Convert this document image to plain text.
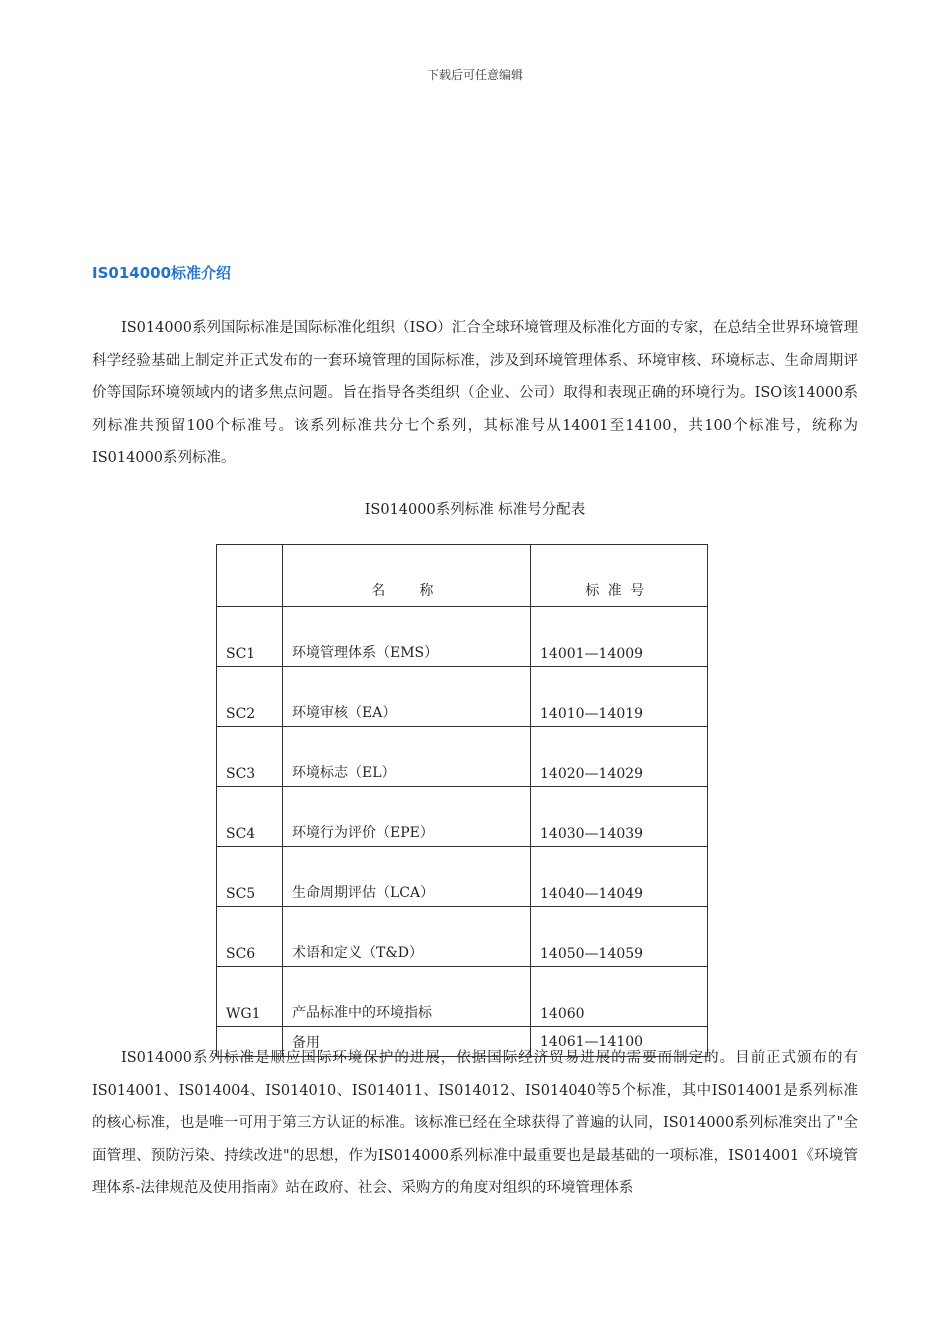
下载后可任意编辑
IS014000标准介绍

IS014000系列国际标准是国际标准化组织（ISO）汇合全球环境管理及标准化方面的专家，在总结全世界环境管理科学经验基础上制定并正式发布的一套环境管理的国际标准，涉及到环境管理体系、环境审核、环境标志、生命周期评价等国际环境领域内的诸多焦点问题。旨在指导各类组织（企业、公司）取得和表现正确的环境行为。ISO该14000系列标准共预留100个标准号。该系列标准共分七个系列，其标准号从14001至14100，共100个标准号，统称为IS014000系列标准。

IS014000系列标准 标准号分配表
	名  称	标准号
SC1	环境管理体系（EMS）	14001—14009
SC2	环境审核（EA）	14010—14019
SC3	环境标志（EL）	14020—14029
SC4	环境行为评价（EPE）	14030—14039
SC5	生命周期评估（LCA）	14040—14049
SC6	术语和定义（T&D）	14050—14059
WG1	产品标准中的环境指标	14060
	备用	14061—14100

IS014000系列标准是顺应国际环境保护的进展，依据国际经济贸易进展的需要而制定的。目前正式颁布的有IS014001、IS014004、IS014010、IS014011、IS014012、IS014040等5个标准，其中IS014001是系列标准的核心标准，也是唯一可用于第三方认证的标准。该标准已经在全球获得了普遍的认同，IS014000系列标准突出了"全面管理、预防污染、持续改进"的思想，作为IS014000系列标准中最重要也是最基础的一项标准，IS014001《环境管理体系-法律规范及使用指南》站在政府、社会、采购方的角度对组织的环境管理体系
